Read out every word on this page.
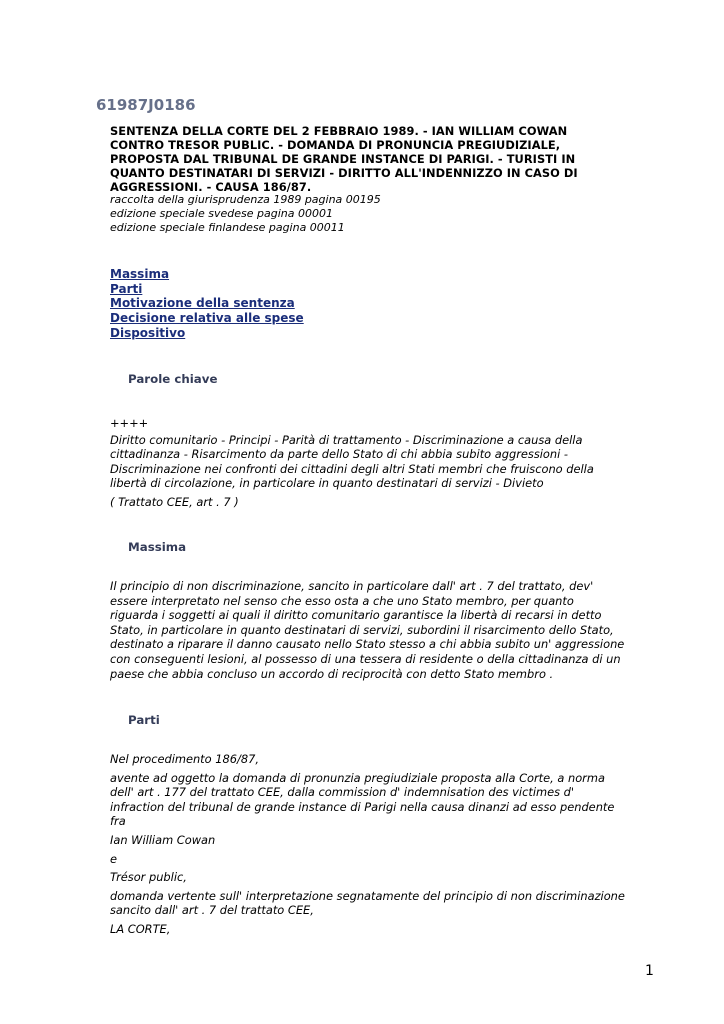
61987J0186
SENTENZA DELLA CORTE DEL 2 FEBBRAIO 1989. - IAN WILLIAM COWAN CONTRO TRESOR PUBLIC. - DOMANDA DI PRONUNCIA PREGIUDIZIALE, PROPOSTA DAL TRIBUNAL DE GRANDE INSTANCE DI PARIGI. - TURISTI IN QUANTO DESTINATARI DI SERVIZI - DIRITTO ALL'INDENNIZZO IN CASO DI AGGRESSIONI. - CAUSA 186/87.
raccolta della giurisprudenza 1989 pagina 00195
edizione speciale svedese pagina 00001
edizione speciale finlandese pagina 00011
Massima
Parti
Motivazione della sentenza
Decisione relativa alle spese
Dispositivo
Parole chiave

++++

Diritto comunitario - Principi - Parità di trattamento - Discriminazione a causa della cittadinanza - Risarcimento da parte dello Stato di chi abbia subito aggressioni - Discriminazione nei confronti dei cittadini degli altri Stati membri che fruiscono della libertà di circolazione, in particolare in quanto destinatari di servizi - Divieto

( Trattato CEE, art . 7 )

Massima

Il principio di non discriminazione, sancito in particolare dall' art . 7 del trattato, dev' essere interpretato nel senso che esso osta a che uno Stato membro, per quanto riguarda i soggetti ai quali il diritto comunitario garantisce la libertà di recarsi in detto Stato, in particolare in quanto destinatari di servizi, subordini il risarcimento dello Stato, destinato a riparare il danno causato nello Stato stesso a chi abbia subito un' aggressione con conseguenti lesioni, al possesso di una tessera di residente o della cittadinanza di un paese che abbia concluso un accordo di reciprocità con detto Stato membro .

Parti

Nel procedimento 186/87,

avente ad oggetto la domanda di pronunzia pregiudiziale proposta alla Corte, a norma dell' art . 177 del trattato CEE, dalla commission d' indemnisation des victimes d' infraction del tribunal de grande instance di Parigi nella causa dinanzi ad esso pendente fra

Ian William Cowan

e

Trésor public,

domanda vertente sull' interpretazione segnatamente del principio di non discriminazione sancito dall' art . 7 del trattato CEE,

LA CORTE,

1
